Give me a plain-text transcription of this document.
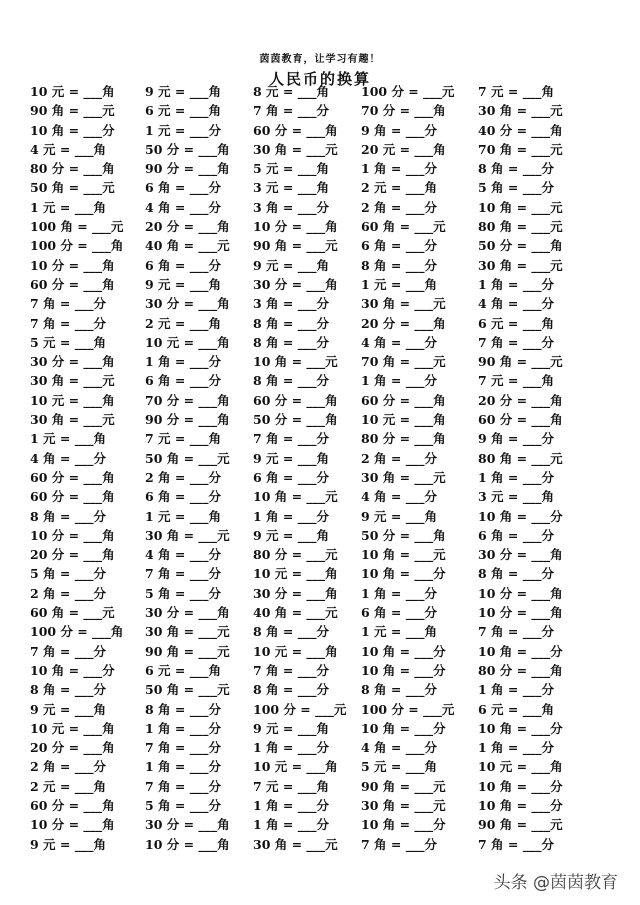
茵茵教育，让学习有趣！
人民币的换算
10 元 = ___角
90 角 = ___元
10 角 = ___分
4 元 = ___角
80 分 = ___角
50 角 = ___元
1 元 = ___角
100 角 = ___元
100 分 = ___角
10 分 = ___角
60 分 = ___角
7 角 = ___分
7 角 = ___分
5 元 = ___角
30 分 = ___角
30 角 = ___元
10 元 = ___角
30 角 = ___元
1 元 = ___角
4 角 = ___分
60 分 = ___角
60 分 = ___角
8 角 = ___分
10 分 = ___角
20 分 = ___角
5 角 = ___分
2 角 = ___分
60 角 = ___元
100 分 = ___角
7 角 = ___分
10 角 = ___分
8 角 = ___分
9 元 = ___角
10 元 = ___角
20 分 = ___角
2 角 = ___分
2 元 = ___角
60 分 = ___角
10 分 = ___角
9 元 = ___角
9 元 = ___角
6 元 = ___角
1 元 = ___分
50 分 = ___角
90 分 = ___角
6 角 = ___分
4 角 = ___分
20 分 = ___角
40 角 = ___元
6 角 = ___分
9 元 = ___角
30 分 = ___角
2 元 = ___角
10 元 = ___角
1 角 = ___分
6 角 = ___分
70 分 = ___角
90 分 = ___角
7 元 = ___角
50 角 = ___元
2 角 = ___分
6 角 = ___分
1 元 = ___角
30 角 = ___元
4 角 = ___分
7 角 = ___分
5 角 = ___分
30 分 = ___角
30 角 = ___元
90 角 = ___元
6 元 = ___角
50 角 = ___元
8 角 = ___分
1 角 = ___分
7 角 = ___分
1 角 = ___分
7 角 = ___分
5 角 = ___分
30 分 = ___角
10 分 = ___角
8 元 = ___角
7 角 = ___分
60 分 = ___角
30 角 = ___元
5 元 = ___角
3 元 = ___角
3 角 = ___分
10 分 = ___角
90 角 = ___元
9 元 = ___角
30 分 = ___角
3 角 = ___分
8 角 = ___分
8 角 = ___分
10 角 = ___元
8 角 = ___分
60 分 = ___角
50 分 = ___角
7 角 = ___分
9 元 = ___角
6 角 = ___分
10 角 = ___元
1 角 = ___分
9 元 = ___角
80 分 = ___元
10 元 = ___角
30 分 = ___角
40 角 = ___元
8 角 = ___分
10 元 = ___角
7 角 = ___分
8 角 = ___分
100 分 = ___元
9 元 = ___角
1 角 = ___分
10 元 = ___角
7 元 = ___角
1 角 = ___分
1 角 = ___分
30 角 = ___元
100 分 = ___元
70 分 = ___角
9 角 = ___分
20 元 = ___角
1 角 = ___分
2 元 = ___角
2 角 = ___分
60 角 = ___元
6 角 = ___分
8 角 = ___分
1 元 = ___角
30 角 = ___元
20 分 = ___角
4 角 = ___分
70 角 = ___元
1 角 = ___分
60 分 = ___角
10 元 = ___角
80 分 = ___角
2 角 = ___分
30 角 = ___元
4 角 = ___分
9 元 = ___角
50 分 = ___角
10 角 = ___元
10 角 = ___分
1 角 = ___分
6 角 = ___分
1 元 = ___角
10 角 = ___分
10 角 = ___分
8 角 = ___分
100 分 = ___元
10 角 = ___分
4 角 = ___分
5 元 = ___角
90 角 = ___元
30 角 = ___元
10 角 = ___分
7 角 = ___分
7 元 = ___角
30 角 = ___元
40 分 = ___角
70 角 = ___元
8 角 = ___分
5 角 = ___分
10 角 = ___元
80 角 = ___元
50 分 = ___角
30 角 = ___元
1 角 = ___分
4 角 = ___分
6 元 = ___角
7 角 = ___分
90 角 = ___元
7 元 = ___角
20 分 = ___角
60 分 = ___角
9 角 = ___分
80 角 = ___元
1 角 = ___分
3 元 = ___角
10 角 = ___分
6 角 = ___分
30 分 = ___角
8 角 = ___分
10 分 = ___角
10 分 = ___角
7 角 = ___分
10 角 = ___分
80 分 = ___角
1 角 = ___分
6 元 = ___角
10 角 = ___分
1 角 = ___分
10 元 = ___角
10 角 = ___分
10 角 = ___分
90 角 = ___元
7 角 = ___分
头条 @茵茵教育
